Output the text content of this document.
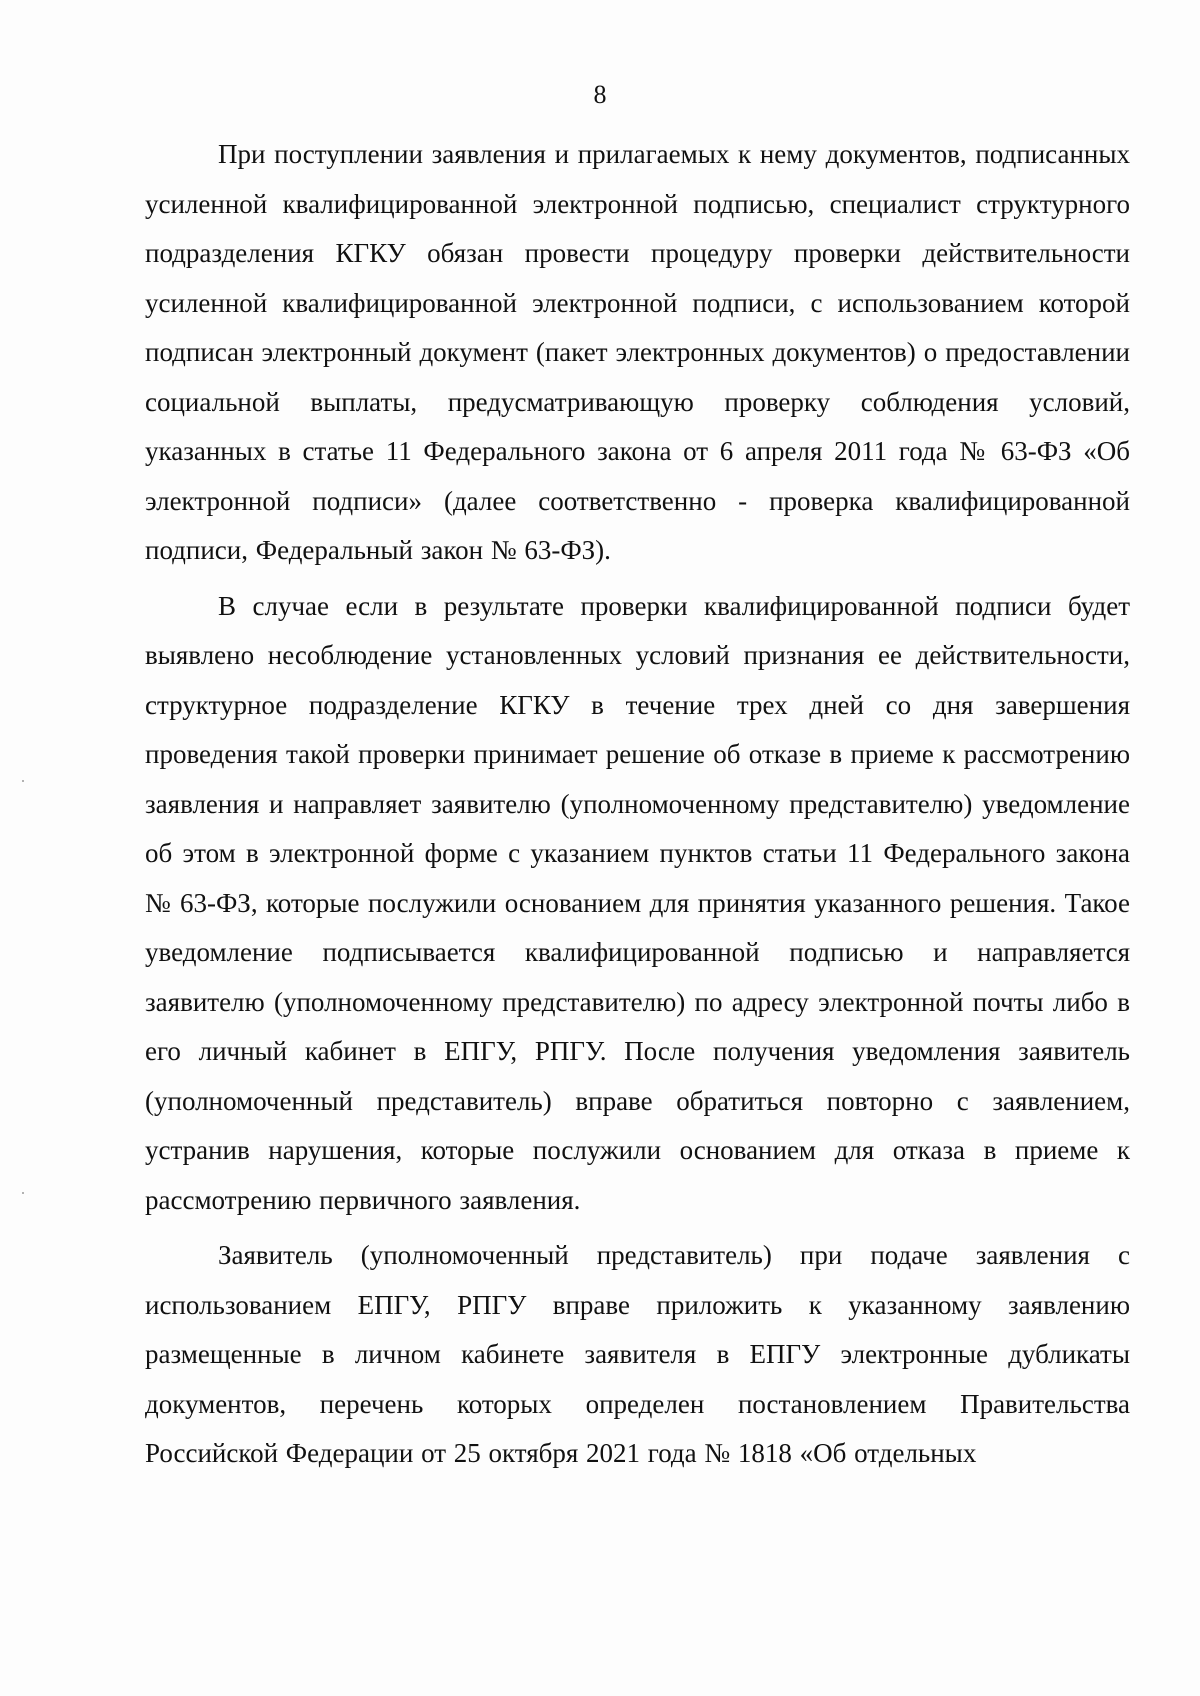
8

При поступлении заявления и прилагаемых к нему документов, подписанных усиленной квалифицированной электронной подписью, специалист структурного подразделения КГКУ обязан провести процедуру проверки действительности усиленной квалифицированной электронной подписи, с использованием которой подписан электронный документ (пакет электронных документов) о предоставлении социальной выплаты, предусматривающую проверку соблюдения условий, указанных в статье 11 Федерального закона от 6 апреля 2011 года № 63-ФЗ «Об электронной подписи» (далее соответственно - проверка квалифицированной подписи, Федеральный закон № 63-ФЗ).

В случае если в результате проверки квалифицированной подписи будет выявлено несоблюдение установленных условий признания ее действительности, структурное подразделение КГКУ в течение трех дней со дня завершения проведения такой проверки принимает решение об отказе в приеме к рассмотрению заявления и направляет заявителю (уполномоченному представителю) уведомление об этом в электронной форме с указанием пунктов статьи 11 Федерального закона № 63-ФЗ, которые послужили основанием для принятия указанного решения. Такое уведомление подписывается квалифицированной подписью и направляется заявителю (уполномоченному представителю) по адресу электронной почты либо в его личный кабинет в ЕПГУ, РПГУ. После получения уведомления заявитель (уполномоченный представитель) вправе обратиться повторно с заявлением, устранив нарушения, которые послужили основанием для отказа в приеме к рассмотрению первичного заявления.

Заявитель (уполномоченный представитель) при подаче заявления с использованием ЕПГУ, РПГУ вправе приложить к указанному заявлению размещенные в личном кабинете заявителя в ЕПГУ электронные дубликаты документов, перечень которых определен постановлением Правительства Российской Федерации от 25 октября 2021 года № 1818 «Об отдельных
